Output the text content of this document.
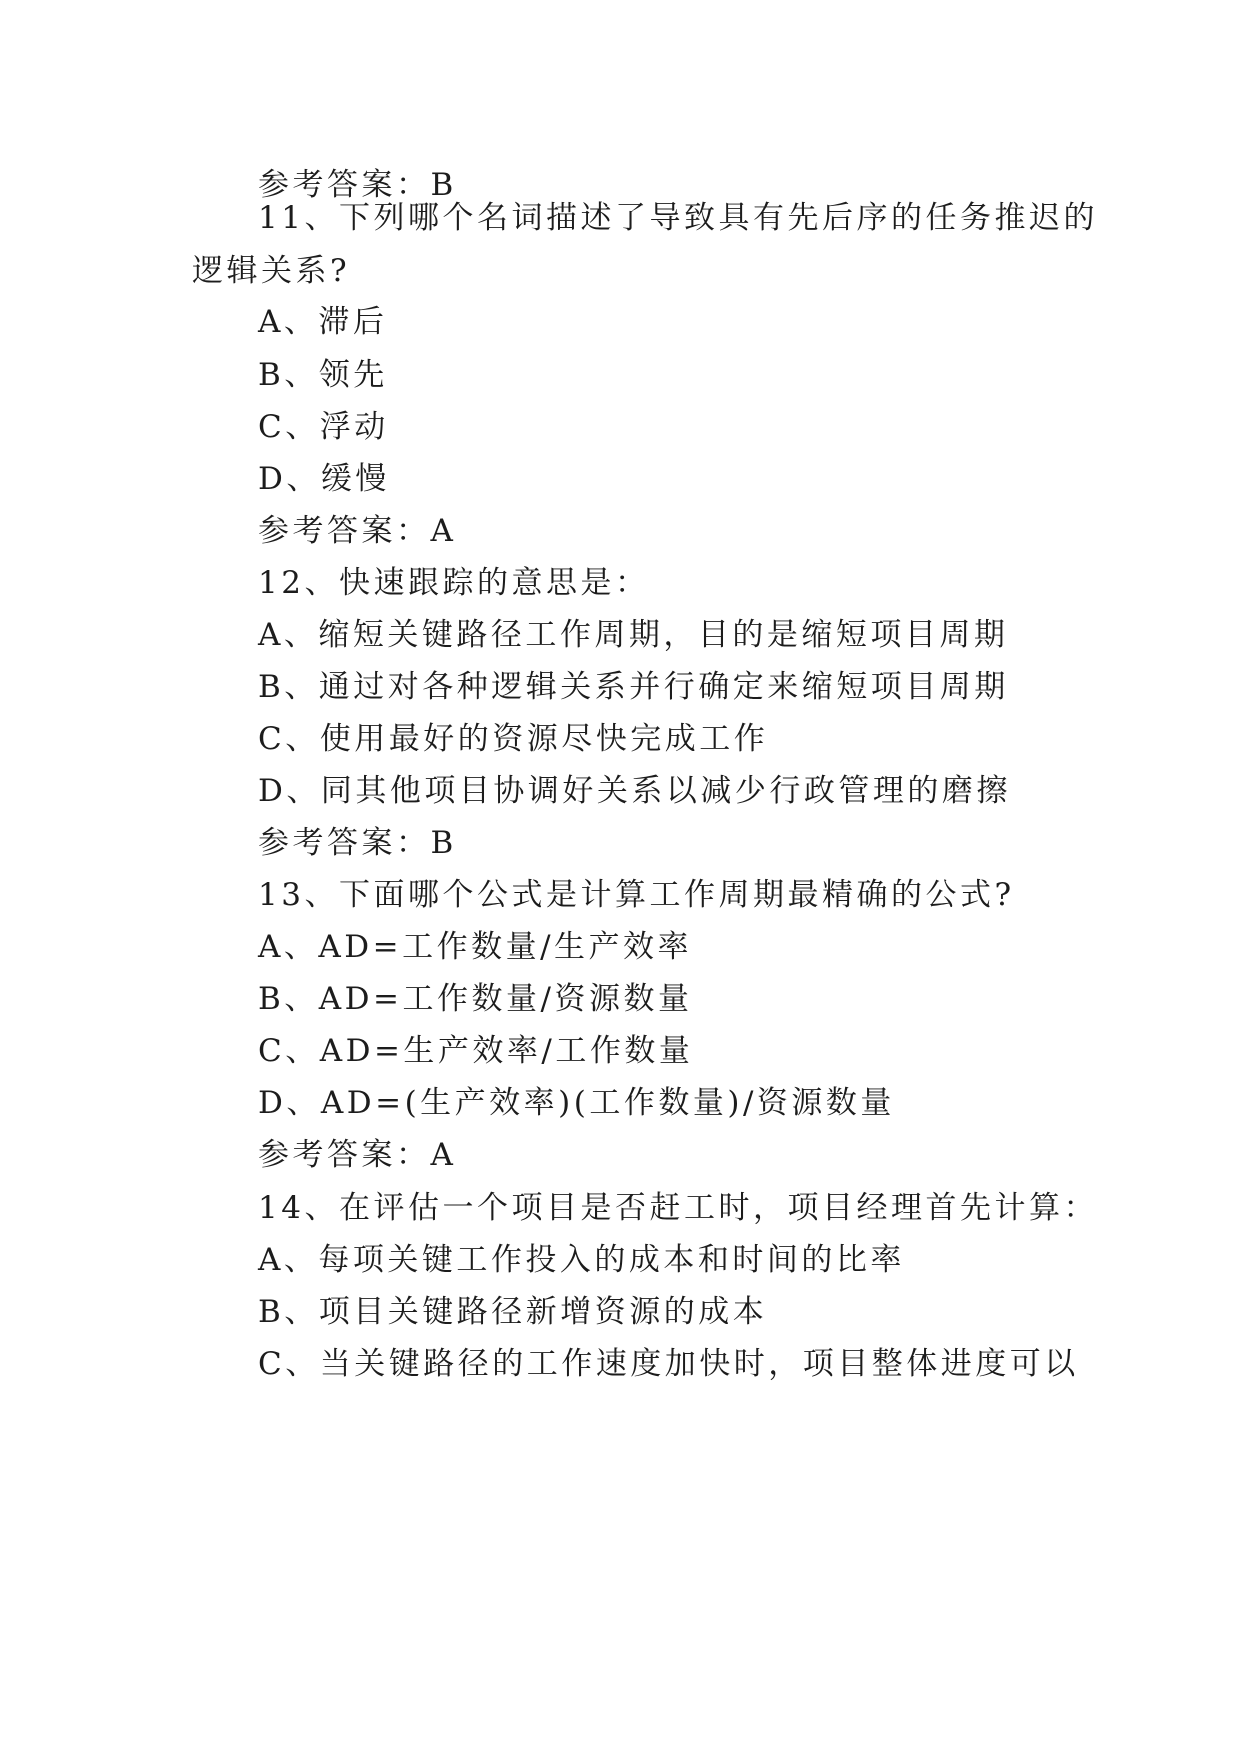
参考答案：B
11、下列哪个名词描述了导致具有先后序的任务推迟的
逻辑关系?
A、滞后
B、领先
C、浮动
D、缓慢
参考答案：A
12、快速跟踪的意思是：
A、缩短关键路径工作周期，目的是缩短项目周期
B、通过对各种逻辑关系并行确定来缩短项目周期
C、使用最好的资源尽快完成工作
D、同其他项目协调好关系以减少行政管理的磨擦
参考答案：B
13、下面哪个公式是计算工作周期最精确的公式?
A、AD=工作数量/生产效率
B、AD=工作数量/资源数量
C、AD=生产效率/工作数量
D、AD=(生产效率)(工作数量)/资源数量
参考答案：A
14、在评估一个项目是否赶工时，项目经理首先计算：
A、每项关键工作投入的成本和时间的比率
B、项目关键路径新增资源的成本
C、当关键路径的工作速度加快时，项目整体进度可以
